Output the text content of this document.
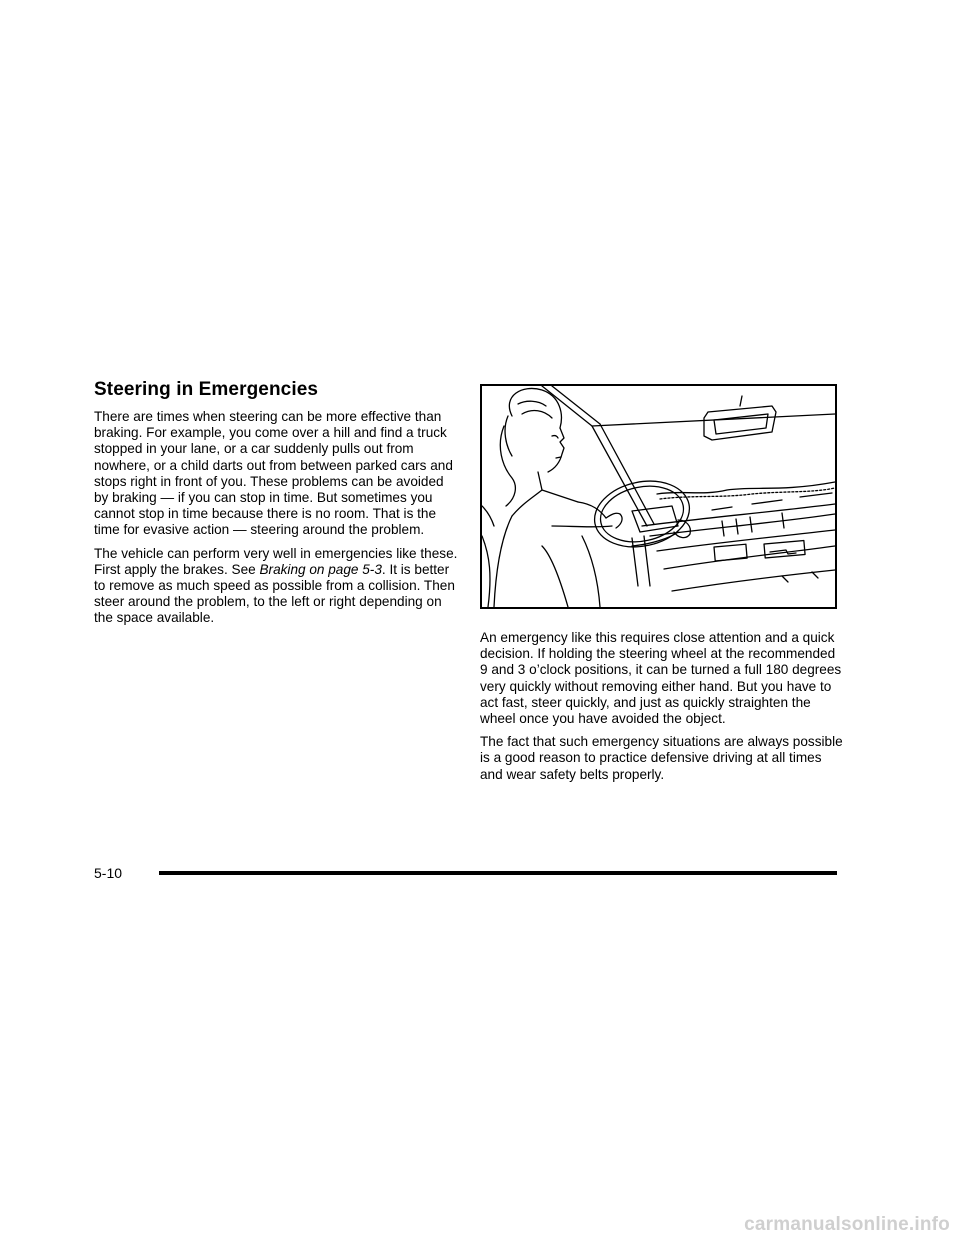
Steering in Emergencies

There are times when steering can be more effective than braking. For example, you come over a hill and find a truck stopped in your lane, or a car suddenly pulls out from nowhere, or a child darts out from between parked cars and stops right in front of you. These problems can be avoided by braking — if you can stop in time. But sometimes you cannot stop in time because there is no room. That is the time for evasive action — steering around the problem.

The vehicle can perform very well in emergencies like these. First apply the brakes. See Braking on page 5-3. It is better to remove as much speed as possible from a collision. Then steer around the problem, to the left or right depending on the space available.

An emergency like this requires close attention and a quick decision. If holding the steering wheel at the recommended 9 and 3 o’clock positions, it can be turned a full 180 degrees very quickly without removing either hand. But you have to act fast, steer quickly, and just as quickly straighten the wheel once you have avoided the object.

The fact that such emergency situations are always possible is a good reason to practice defensive driving at all times and wear safety belts properly.

5-10
carmanualsonline.info
